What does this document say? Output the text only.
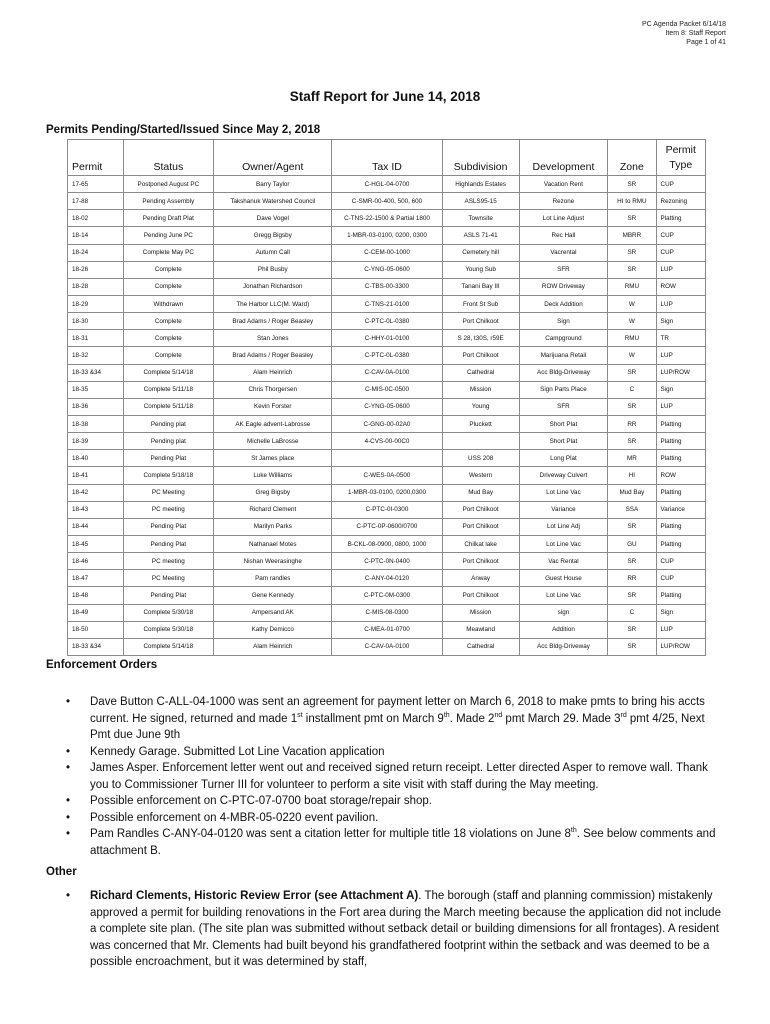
PC Agenda Packet 6/14/18
Item 8: Staff Report
Page 1 of 41
Staff Report for June 14, 2018
Permits Pending/Started/Issued Since May 2, 2018
Permit	Status	Owner/Agent	Tax ID	Subdivision	Development	Zone	Permit Type
17-65	Postponed August PC	Barry Taylor	C-HGL-04-0700	Highlands Estates	Vacation Rent	SR	CUP
17-88	Pending Assembly	Takshanuk Watershed Council	C-SMR-00-400, 500, 600	ASLS95-15	Rezone	HI to RMU	Rezoning
18-02	Pending Draft Plat	Dave Vogel	C-TNS-22-1500 & Partial 1800	Townsite	Lot Line Adjust	SR	Platting
18-14	Pending June PC	Gregg Bigsby	1-MBR-03-0100, 0200, 0300	ASLS 71-41	Rec Hall	MBRR	CUP
18-24	Complete May PC	Autumn Call	C-CEM-00-1000	Cemetery hill	Vacrental	SR	CUP
18-26	Complete	Phil Busby	C-YNG-05-0600	Young Sub	SFR	SR	LUP
18-28	Complete	Jonathan Richardson	C-TBS-00-3300	Tanani Bay III	ROW Driveway	RMU	ROW
18-29	Withdrawn	The Harbor LLC(M. Ward)	C-TNS-21-0100	Front St Sub	Deck Addition	W	LUP
18-30	Complete	Brad Adams / Roger Beasley	C-PTC-0L-0380	Port Chilkoot	Sign	W	Sign
18-31	Complete	Stan Jones	C-HHY-01-0100	S 28, t30S, r59E	Campground	RMU	TR
18-32	Complete	Brad Adams / Roger Beasley	C-PTC-0L-0380	Port Chilkoot	Marijuana Retail	W	LUP
18-33 &34	Complete 5/14/18	Alam Heinrich	C-CAV-0A-0100	Cathedral	Acc Bldg-Driveway	SR	LUP/ROW
18-35	Complete 5/11/18	Chris Thorgersen	C-MIS-0C-0500	Mission	Sign Parts Place	C	Sign
18-36	Complete 5/11/18	Kevin Forster	C-YNG-05-0600	Young	SFR	SR	LUP
18-38	Pending plat	AK Eagle advent-Labrosse	C-GNG-00-02A0	Pluckett	Short Plat	RR	Platting
18-39	Pending plat	Michelle LaBrosse	4-CVS-00-00C0		Short Plat	SR	Platting
18-40	Pending Plat	St James place		USS 208	Long Plat	MR	Platting
18-41	Complete 5/18/18	Luke Williams	C-WES-0A-0500	Western	Driveway Culvert	HI	ROW
18-42	PC Meeting	Greg Bigsby	1-MBR-03-0100, 0200,0300	Mud Bay	Lot Line Vac	Mud Bay	Platting
18-43	PC meeting	Richard Clement	C-PTC-0I-0300	Port Chilkoot	Variance	SSA	Variance
18-44	Pending Plat	Marilyn Parks	C-PTC-0P-0600/0700	Port Chilkoot	Lot Line Adj	SR	Platting
18-45	Pending Plat	Nathanael Motes	B-CKL-08-0900, 0800, 1000	Chilkat lake	Lot Line Vac	GU	Platting
18-46	PC meeting	Nishan Weerasinghe	C-PTC-0N-0400	Port Chilkoot	Vac Rental	SR	CUP
18-47	PC Meeting	Pam randles	C-ANY-04-0120	Anway	Guest House	RR	CUP
18-48	Pending Plat	Gene Kennedy	C-PTC-0M-0300	Port Chilkoot	Lot Line Vac	SR	Platting
18-49	Complete 5/30/18	Ampersand AK	C-MIS-08-0300	Mission	sign	C	Sign
18-50	Complete 5/30/18	Kathy Demicco	C-MEA-01-0700	Meawland	Addition	SR	LUP
18-33 &34	Complete 5/14/18	Alam Heinrich	C-CAV-0A-0100	Cathedral	Acc Bldg-Driveway	SR	LUP/ROW
Enforcement Orders
• Dave Button C-ALL-04-1000 was sent an agreement for payment letter on March 6, 2018 to make pmts to bring his accts current. He signed, returned and made 1st installment pmt on March 9th. Made 2nd pmt March 29. Made 3rd pmt 4/25, Next Pmt due June 9th
• Kennedy Garage. Submitted Lot Line Vacation application
• James Asper. Enforcement letter went out and received signed return receipt. Letter directed Asper to remove wall. Thank you to Commissioner Turner III for volunteer to perform a site visit with staff during the May meeting.
• Possible enforcement on C-PTC-07-0700 boat storage/repair shop.
• Possible enforcement on 4-MBR-05-0220 event pavilion.
• Pam Randles C-ANY-04-0120 was sent a citation letter for multiple title 18 violations on June 8th. See below comments and attachment B.
Other
• Richard Clements, Historic Review Error (see Attachment A). The borough (staff and planning commission) mistakenly approved a permit for building renovations in the Fort area during the March meeting because the application did not include a complete site plan. (The site plan was submitted without setback detail or building dimensions for all frontages). A resident was concerned that Mr. Clements had built beyond his grandfathered footprint within the setback and was deemed to be a possible encroachment, but it was determined by staff,
